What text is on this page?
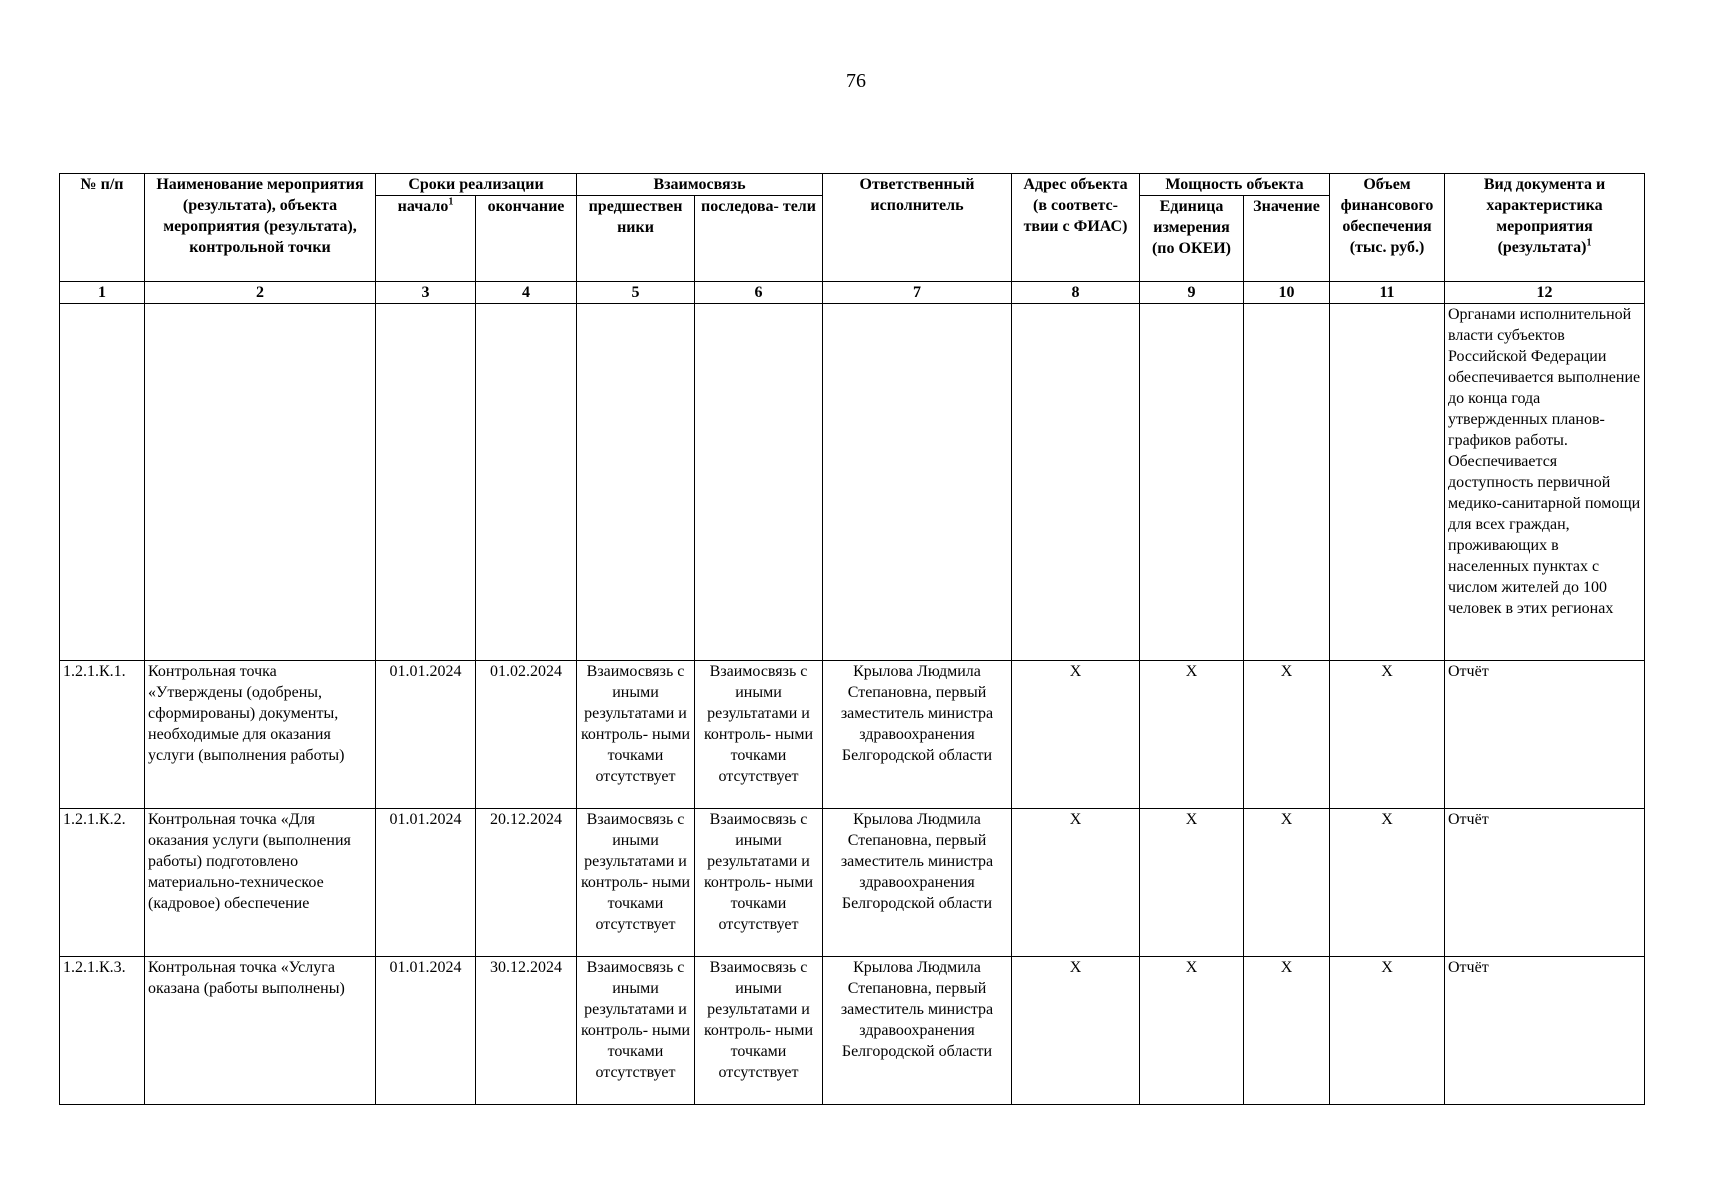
76
№ п/п	Наименование мероприятия (результата), объекта мероприятия (результата), контрольной точки	Сроки реализации		Взаимосвязь		Ответственный исполнитель	Адрес объекта (в соответс- твии с ФИАС)	Мощность объекта		Объем финансового обеспечения (тыс. руб.)	Вид документа и характеристика мероприятия (результата)$^1$
		начало$^1$	окончание	предшествен ники	последова- тели			Единица измерения (по ОКЕИ)	Значение		
1	2	3	4	5	6	7	8	9	10	11	12
											Органами исполнительной власти субъектов Российской Федерации обеспечивается выполнение до конца года утвержденных планов-графиков работы. Обеспечивается доступность первичной медико-санитарной помощи для всех граждан, проживающих в населенных пунктах с числом жителей до 100 человек в этих регионах
1.2.1.К.1.	Контрольная точка «Утверждены (одобрены, сформированы) документы, необходимые для оказания услуги (выполнения работы)	01.01.2024	01.02.2024	Взаимосвязь с иными результатами и контроль- ными точками отсутствует	Взаимосвязь с иными результатами и контроль- ными точками отсутствует	Крылова Людмила Степановна, первый заместитель министра здравоохранения Белгородской области	X	X	X	X	Отчёт
1.2.1.К.2.	Контрольная точка «Для оказания услуги (выполнения работы) подготовлено материально-техническое (кадровое) обеспечение	01.01.2024	20.12.2024	Взаимосвязь с иными результатами и контроль- ными точками отсутствует	Взаимосвязь с иными результатами и контроль- ными точками отсутствует	Крылова Людмила Степановна, первый заместитель министра здравоохранения Белгородской области	X	X	X	X	Отчёт
1.2.1.К.3.	Контрольная точка «Услуга оказана (работы выполнены)	01.01.2024	30.12.2024	Взаимосвязь с иными результатами и контроль- ными точками отсутствует	Взаимосвязь с иными результатами и контроль- ными точками отсутствует	Крылова Людмила Степановна, первый заместитель министра здравоохранения Белгородской области	X	X	X	X	Отчёт
